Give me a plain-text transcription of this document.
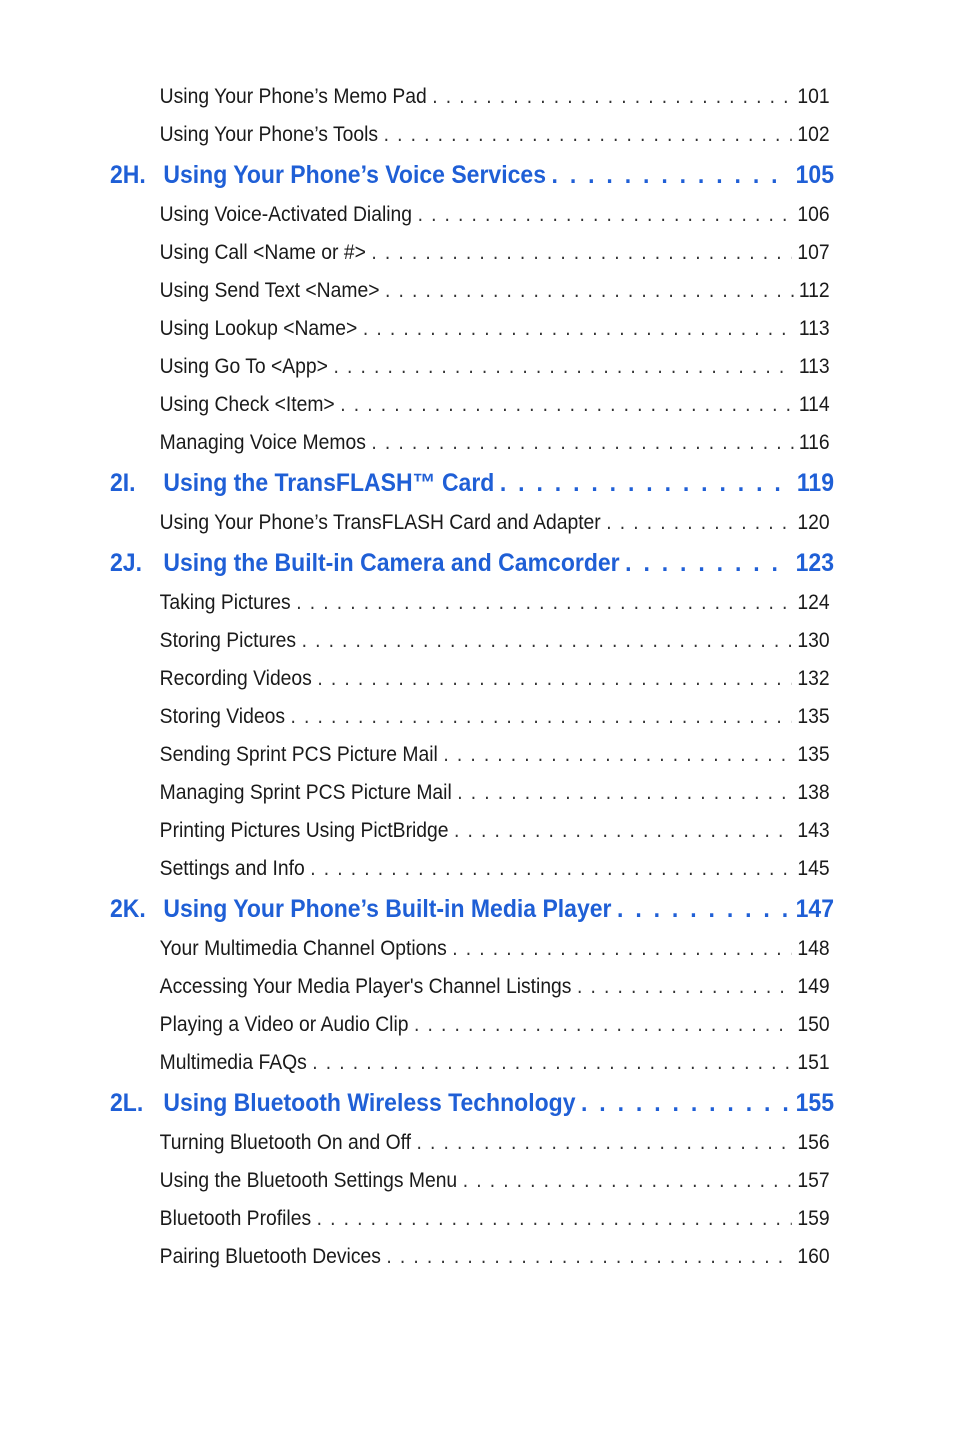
Using Your Phone’s Memo Pad . . .	101
Using Your Phone’s Tools . . .	102
2H. Using Your Phone’s Voice Services . . .	105
Using Voice-Activated Dialing . . .	106
Using Call <Name or #> . . .	107
Using Send Text <Name> . . .	112
Using Lookup <Name> . . .	113
Using Go To <App> . . .	113
Using Check <Item> . . .	114
Managing Voice Memos . . .	116
2I.	Using the TransFLASH™ Card . . .	119
Using Your Phone’s TransFLASH Card and Adapter . . .	120
2J. Using the Built-in Camera and Camcorder . . .	123
Taking Pictures . . .	124
Storing Pictures . . .	130
Recording Videos . . .	132
Storing Videos . . .	135
Sending Sprint PCS Picture Mail . . .	135
Managing Sprint PCS Picture Mail . . .	138
Printing Pictures Using PictBridge . . .	143
Settings and Info . . .	145
2K. Using Your Phone’s Built-in Media Player . . .	147
Your Multimedia Channel Options . . .	148
Accessing Your Media Player's Channel Listings . . .	149
Playing a Video or Audio Clip . . .	150
Multimedia FAQs . . .	151
2L. Using Bluetooth Wireless Technology . . .	155
Turning Bluetooth On and Off . . .	156
Using the Bluetooth Settings Menu . . .	157
Bluetooth Profiles . . .	159
Pairing Bluetooth Devices . . .	160
